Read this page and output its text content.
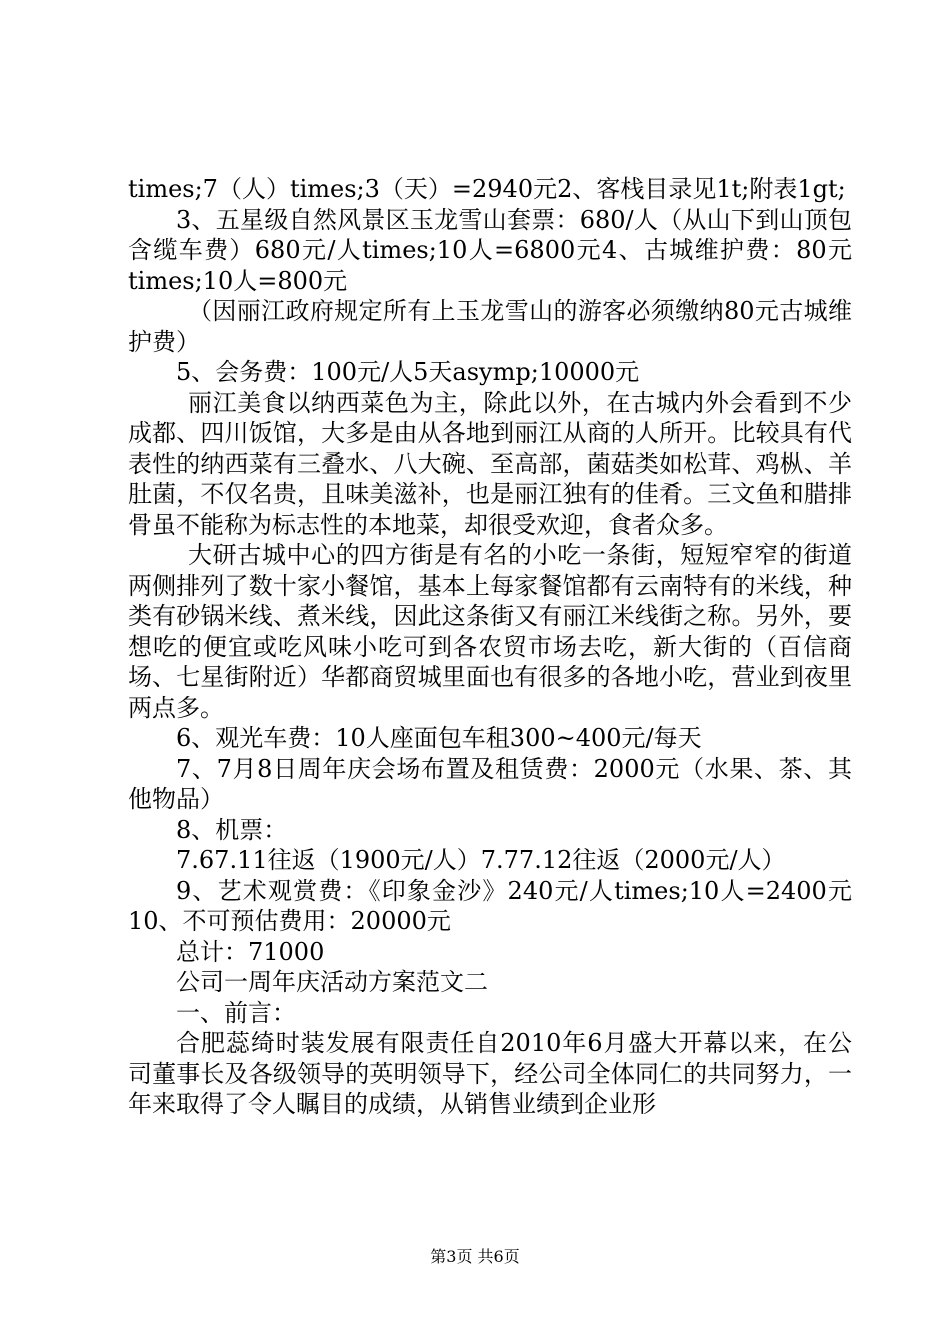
times;7（人）times;3（天）=2940元2、客栈目录见1t;附表1gt;

3、五星级自然风景区玉龙雪山套票：680/人（从山下到山顶包含缆车费）680元/人times;10人=6800元4、古城维护费：80元times;10人=800元

（因丽江政府规定所有上玉龙雪山的游客必须缴纳80元古城维护费）

5、会务费：100元/人5天asymp;10000元

丽江美食以纳西菜色为主，除此以外，在古城内外会看到不少成都、四川饭馆，大多是由从各地到丽江从商的人所开。比较具有代表性的纳西菜有三叠水、八大碗、至高部，菌菇类如松茸、鸡枞、羊肚菌，不仅名贵，且味美滋补，也是丽江独有的佳肴。三文鱼和腊排骨虽不能称为标志性的本地菜，却很受欢迎，食者众多。

大研古城中心的四方街是有名的小吃一条街，短短窄窄的街道两侧排列了数十家小餐馆，基本上每家餐馆都有云南特有的米线，种类有砂锅米线、煮米线，因此这条街又有丽江米线街之称。另外，要想吃的便宜或吃风味小吃可到各农贸市场去吃，新大街的（百信商场、七星街附近）华都商贸城里面也有很多的各地小吃，营业到夜里两点多。

6、观光车费：10人座面包车租300~400元/每天

7、7月8日周年庆会场布置及租赁费：2000元（水果、茶、其他物品）

8、机票：

7.67.11往返（1900元/人）7.77.12往返（2000元/人）

9、艺术观赏费：《印象金沙》240元/人times;10人=2400元10、不可预估费用：20000元

总计：71000

公司一周年庆活动方案范文二

一、前言：

合肥蕊绮时装发展有限责任自2010年6月盛大开幕以来，在公司董事长及各级领导的英明领导下，经公司全体同仁的共同努力，一年来取得了令人瞩目的成绩，从销售业绩到企业形

第3页 共6页
